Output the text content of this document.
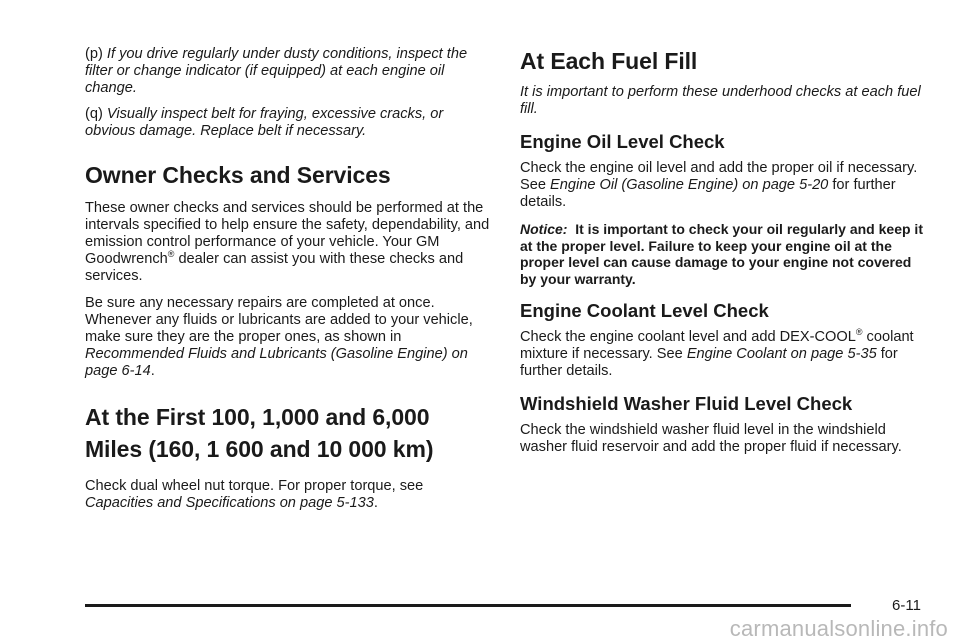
(p) If you drive regularly under dusty conditions, inspect the filter or change indicator (if equipped) at each engine oil change.

(q) Visually inspect belt for fraying, excessive cracks, or obvious damage. Replace belt if necessary.

Owner Checks and Services

These owner checks and services should be performed at the intervals specified to help ensure the safety, dependability, and emission control performance of your vehicle. Your GM Goodwrench® dealer can assist you with these checks and services.

Be sure any necessary repairs are completed at once. Whenever any fluids or lubricants are added to your vehicle, make sure they are the proper ones, as shown in Recommended Fluids and Lubricants (Gasoline Engine) on page 6-14.

At the First 100, 1,000 and 6,000
Miles (160, 1 600 and 10 000 km)

Check dual wheel nut torque. For proper torque, see Capacities and Specifications on page 5-133.

At Each Fuel Fill

It is important to perform these underhood checks at each fuel fill.

Engine Oil Level Check

Check the engine oil level and add the proper oil if necessary. See Engine Oil (Gasoline Engine) on page 5-20 for further details.

Notice: It is important to check your oil regularly and keep it at the proper level. Failure to keep your engine oil at the proper level can cause damage to your engine not covered by your warranty.

Engine Coolant Level Check

Check the engine coolant level and add DEX-COOL® coolant mixture if necessary. See Engine Coolant on page 5-35 for further details.

Windshield Washer Fluid Level Check

Check the windshield washer fluid level in the windshield washer fluid reservoir and add the proper fluid if necessary.

6-11
carmanualsonline.info
